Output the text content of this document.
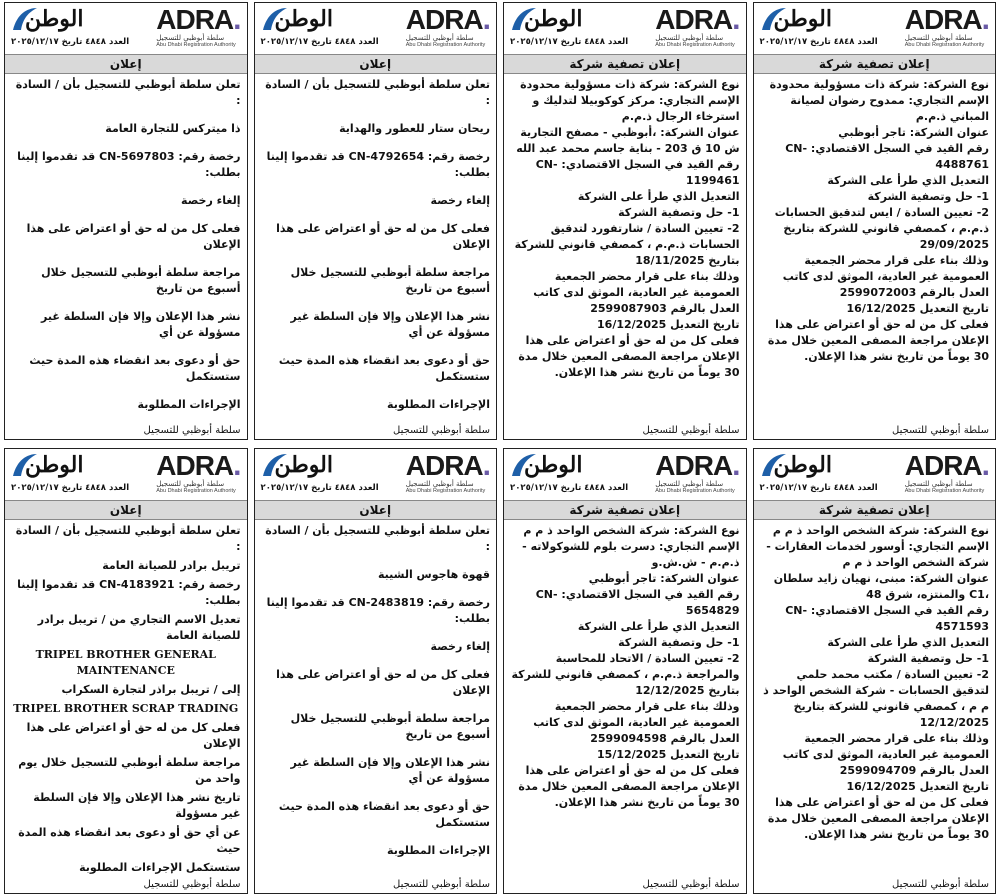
الوطن	ADRA.
سلطة أبوظبي للتسجيل
Abu Dhabi Registration Authority
العدد ٤٨٤٨ تاريخ ٢٠٢٥/١٢/١٧
إعلان
تعلن سلطة أبوظبي للتسجيل بأن / السادة :
ذا ميتركس للتجارة العامة
رخصة رقم: CN-5697803 قد تقدموا إلينا بطلب:
إلغاء رخصة
فعلى كل من له حق أو اعتراض على هذا الإعلان
مراجعة سلطة أبوظبي للتسجيل خلال أسبوع من تاريخ
نشر هذا الإعلان وإلا فإن السلطة غير مسؤولة عن أي
حق أو دعوى بعد انقضاء هذه المدة حيث ستستكمل
الإجراءات المطلوبة
سلطة أبوظبي للتسجيل
الوطن	ADRA.
سلطة أبوظبي للتسجيل
Abu Dhabi Registration Authority
العدد ٤٨٤٨ تاريخ ٢٠٢٥/١٢/١٧
إعلان
تعلن سلطة أبوظبي للتسجيل بأن / السادة :
ريحان ستار للعطور والهداية
رخصة رقم: CN-4792654 قد تقدموا إلينا بطلب:
إلغاء رخصة
فعلى كل من له حق أو اعتراض على هذا الإعلان
مراجعة سلطة أبوظبي للتسجيل خلال أسبوع من تاريخ
نشر هذا الإعلان وإلا فإن السلطة غير مسؤولة عن أي
حق أو دعوى بعد انقضاء هذه المدة حيث ستستكمل
الإجراءات المطلوبة
سلطة أبوظبي للتسجيل
الوطن	ADRA.
سلطة أبوظبي للتسجيل
Abu Dhabi Registration Authority
العدد ٤٨٤٨ تاريخ ٢٠٢٥/١٢/١٧
إعلان تصفية شركة
نوع الشركة: شركة ذات مسؤولية محدودة
الإسم التجاري: مركز كوكوبيلا لتدليك و استرخاء الرجال ذ.م.م
عنوان الشركة: ،أبوظبي - مصفح التجارية ش 10 ق 203 - بناية جاسم محمد عبد الله
رقم القيد في السجل الاقتصادي: CN-1199461
التعديل الذي طرأ على الشركة
1- حل وتصفية الشركة
2- تعيين السادة / شارتفورد لتدقيق الحسابات ذ.م.م ، كمصفي قانوني للشركة بتاريخ 18/11/2025
وذلك بناء على قرار محضر الجمعية العمومية غير العادية، الموثق لدى كاتب العدل بالرقم 2599087903
تاريخ التعديل 16/12/2025
فعلى كل من له حق أو اعتراض على هذا الإعلان مراجعة المصفى المعين خلال مدة 30 يوماً من تاريخ نشر هذا الإعلان.
سلطة أبوظبي للتسجيل
الوطن	ADRA.
سلطة أبوظبي للتسجيل
Abu Dhabi Registration Authority
العدد ٤٨٤٨ تاريخ ٢٠٢٥/١٢/١٧
إعلان تصفية شركة
نوع الشركة: شركة ذات مسؤولية محدودة
الإسم التجاري: ممدوح رضوان لصيانة المباني ذ.م.م
عنوان الشركة: تاجر أبوظبي
رقم القيد في السجل الاقتصادي: CN-4488761
التعديل الذي طرأ على الشركة
1- حل وتصفية الشركة
2- تعيين السادة / ايس لتدقيق الحسابات ذ.م.م ، كمصفي قانوني للشركة بتاريخ 29/09/2025
وذلك بناء على قرار محضر الجمعية العمومية غير العادية، الموثق لدى كاتب العدل بالرقم 2599072003
تاريخ التعديل 16/12/2025
فعلى كل من له حق أو اعتراض على هذا الإعلان مراجعة المصفى المعين خلال مدة 30 يوماً من تاريخ نشر هذا الإعلان.
سلطة أبوظبي للتسجيل
الوطن	ADRA.
سلطة أبوظبي للتسجيل
Abu Dhabi Registration Authority
العدد ٤٨٤٨ تاريخ ٢٠٢٥/١٢/١٧
إعلان
تعلن سلطة أبوظبي للتسجيل بأن / السادة :
تريبل برادر للصيانة العامة
رخصة رقم: CN-4183921 قد تقدموا إلينا بطلب:
تعديل الاسم التجاري من / تريبل برادر للصيانة العامة
TRIPEL BROTHER GENERAL MAINTENANCE
إلى / تريبل براذر لتجارة السكراب
TRIPEL BROTHER SCRAP TRADING
فعلى كل من له حق أو اعتراض على هذا الإعلان
مراجعة سلطة أبوظبي للتسجيل خلال يوم واحد من
تاريخ نشر هذا الإعلان وإلا فإن السلطة غير مسؤولة
عن أي حق أو دعوى بعد انقضاء هذه المدة حيث
ستستكمل الإجراءات المطلوبة
سلطة أبوظبي للتسجيل
الوطن	ADRA.
سلطة أبوظبي للتسجيل
Abu Dhabi Registration Authority
العدد ٤٨٤٨ تاريخ ٢٠٢٥/١٢/١٧
إعلان
تعلن سلطة أبوظبي للتسجيل بأن / السادة :
قهوة هاجوس الشيبة
رخصة رقم: CN-2483819 قد تقدموا إلينا بطلب:
إلغاء رخصة
فعلى كل من له حق أو اعتراض على هذا الإعلان
مراجعة سلطة أبوظبي للتسجيل خلال أسبوع من تاريخ
نشر هذا الإعلان وإلا فإن السلطة غير مسؤولة عن أي
حق أو دعوى بعد انقضاء هذه المدة حيث ستستكمل
الإجراءات المطلوبة
سلطة أبوظبي للتسجيل
الوطن	ADRA.
سلطة أبوظبي للتسجيل
Abu Dhabi Registration Authority
العدد ٤٨٤٨ تاريخ ٢٠٢٥/١٢/١٧
إعلان تصفية شركة
نوع الشركة: شركة الشخص الواحد ذ م م
الإسم التجاري: دسرت بلوم للشوكولاته - ذ.م.م - ش.ش.و
عنوان الشركة: تاجر أبوظبي
رقم القيد في السجل الاقتصادي: CN-5654829
التعديل الذي طرأ على الشركة
1- حل وتصفية الشركة
2- تعيين السادة / الاتحاد للمحاسبة والمراجعة ذ.م.م ، كمصفي قانوني للشركة بتاريخ 12/12/2025
وذلك بناء على قرار محضر الجمعية العمومية غير العادية، الموثق لدى كاتب العدل بالرقم 2599094598
تاريخ التعديل 15/12/2025
فعلى كل من له حق أو اعتراض على هذا الإعلان مراجعة المصفى المعين خلال مدة 30 يوماً من تاريخ نشر هذا الإعلان.
سلطة أبوظبي للتسجيل
الوطن	ADRA.
سلطة أبوظبي للتسجيل
Abu Dhabi Registration Authority
العدد ٤٨٤٨ تاريخ ٢٠٢٥/١٢/١٧
إعلان تصفية شركة
نوع الشركة: شركة الشخص الواحد ذ م م
الإسم التجاري: أوسور لخدمات العقارات - شركة الشخص الواحد ذ م م
عنوان الشركة: مبنى، نهيان زايد سلطان ،C1 والمنتزه، شرق 48
رقم القيد في السجل الاقتصادي: CN-4571593
التعديل الذي طرأ على الشركة
1- حل وتصفية الشركة
2- تعيين السادة / مكتب محمد حلمي لتدقيق الحسابات - شركة الشخص الواحد ذ م م ، كمصفي قانوني للشركة بتاريخ 12/12/2025
وذلك بناء على قرار محضر الجمعية العمومية غير العادية، الموثق لدى كاتب العدل بالرقم 2599094709
تاريخ التعديل 16/12/2025
فعلى كل من له حق أو اعتراض على هذا الإعلان مراجعة المصفى المعين خلال مدة 30 يوماً من تاريخ نشر هذا الإعلان.
سلطة أبوظبي للتسجيل
